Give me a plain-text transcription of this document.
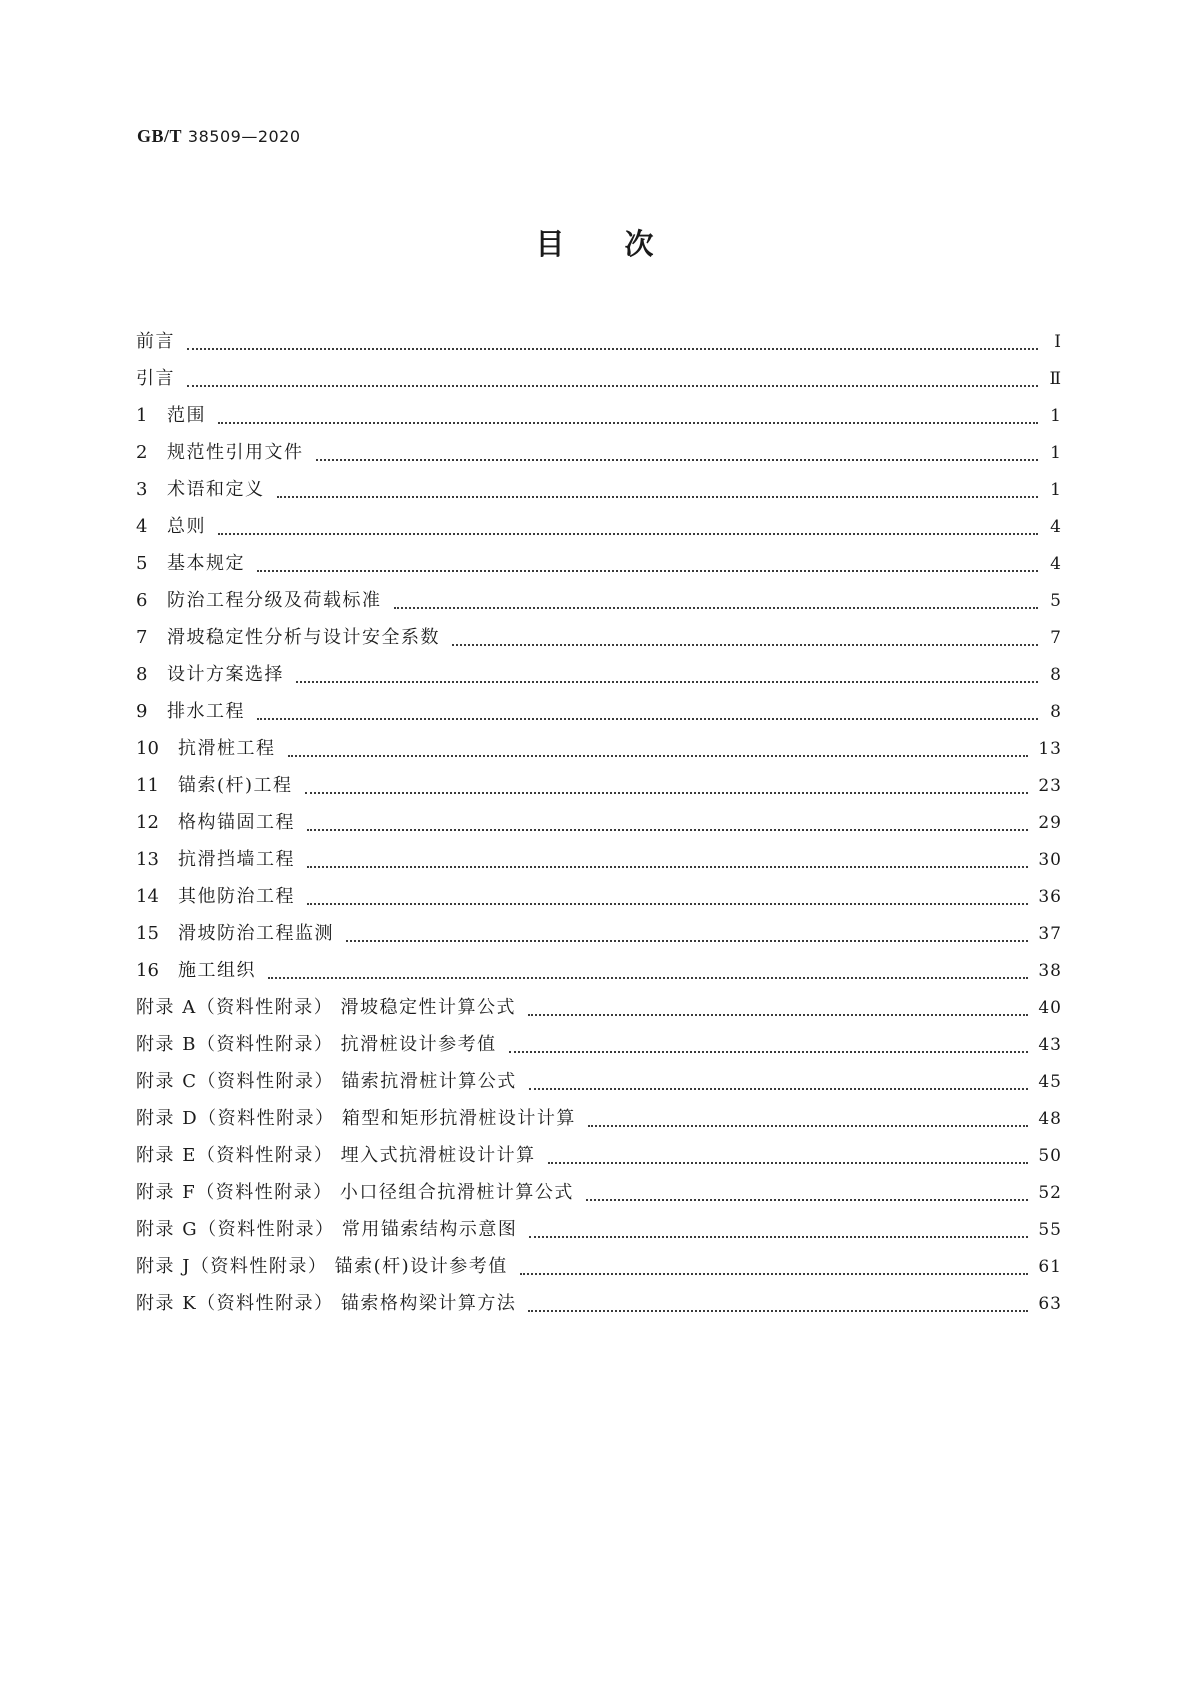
GB/T 38509—2020
目 次
前言	Ⅰ
引言	Ⅱ
1	范围	1
2	规范性引用文件	1
3	术语和定义	1
4	总则	4
5	基本规定	4
6	防治工程分级及荷载标准	5
7	滑坡稳定性分析与设计安全系数	7
8	设计方案选择	8
9	排水工程	8
10	抗滑桩工程	13
11	锚索(杆)工程	23
12	格构锚固工程	29
13	抗滑挡墙工程	30
14	其他防治工程	36
15	滑坡防治工程监测	37
16	施工组织	38
附录 A（资料性附录） 滑坡稳定性计算公式	40
附录 B（资料性附录） 抗滑桩设计参考值	43
附录 C（资料性附录） 锚索抗滑桩计算公式	45
附录 D（资料性附录） 箱型和矩形抗滑桩设计计算	48
附录 E（资料性附录） 埋入式抗滑桩设计计算	50
附录 F（资料性附录） 小口径组合抗滑桩计算公式	52
附录 G（资料性附录） 常用锚索结构示意图	55
附录 J（资料性附录） 锚索(杆)设计参考值	61
附录 K（资料性附录） 锚索格构梁计算方法	63
